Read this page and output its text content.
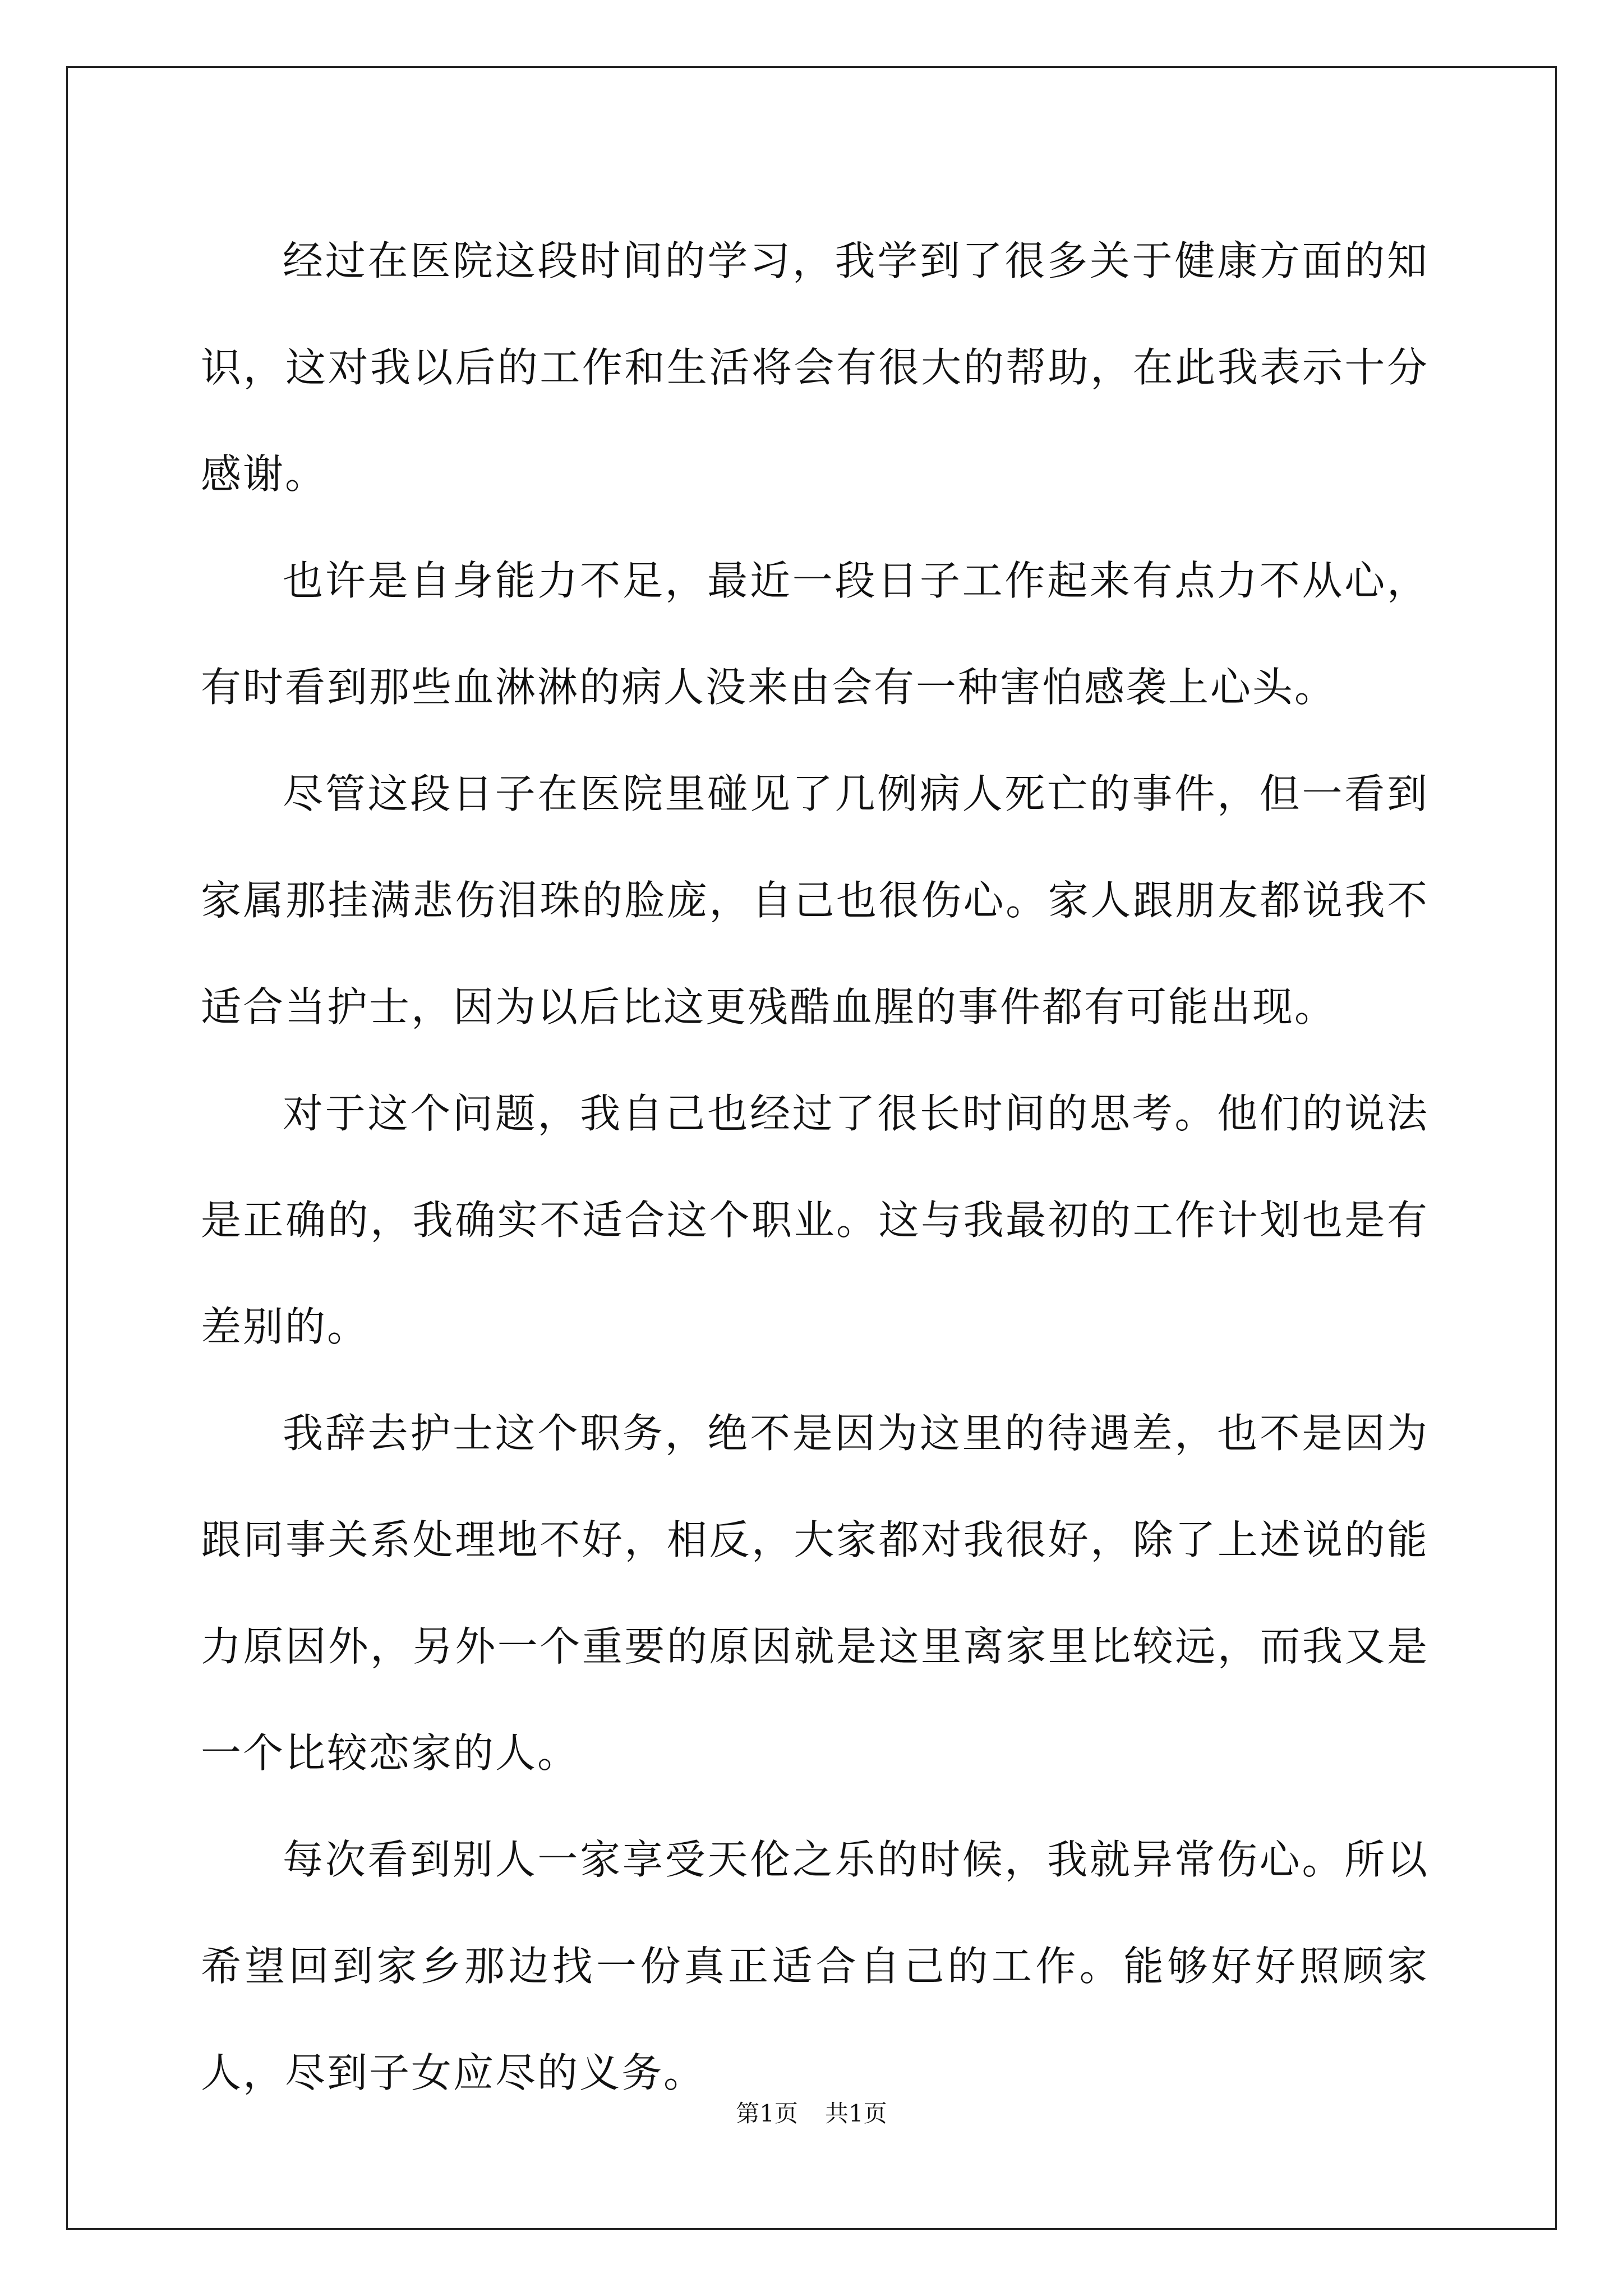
经过在医院这段时间的学习，我学到了很多关于健康方面的知识，这对我以后的工作和生活将会有很大的帮助，在此我表示十分感谢。

也许是自身能力不足，最近一段日子工作起来有点力不从心，有时看到那些血淋淋的病人没来由会有一种害怕感袭上心头。

尽管这段日子在医院里碰见了几例病人死亡的事件，但一看到家属那挂满悲伤泪珠的脸庞，自己也很伤心。家人跟朋友都说我不适合当护士，因为以后比这更残酷血腥的事件都有可能出现。

对于这个问题，我自己也经过了很长时间的思考。他们的说法是正确的，我确实不适合这个职业。这与我最初的工作计划也是有差别的。

我辞去护士这个职务，绝不是因为这里的待遇差，也不是因为跟同事关系处理地不好，相反，大家都对我很好，除了上述说的能力原因外，另外一个重要的原因就是这里离家里比较远，而我又是一个比较恋家的人。

每次看到别人一家享受天伦之乐的时候，我就异常伤心。所以希望回到家乡那边找一份真正适合自己的工作。能够好好照顾家人，尽到子女应尽的义务。

第1页 共1页
